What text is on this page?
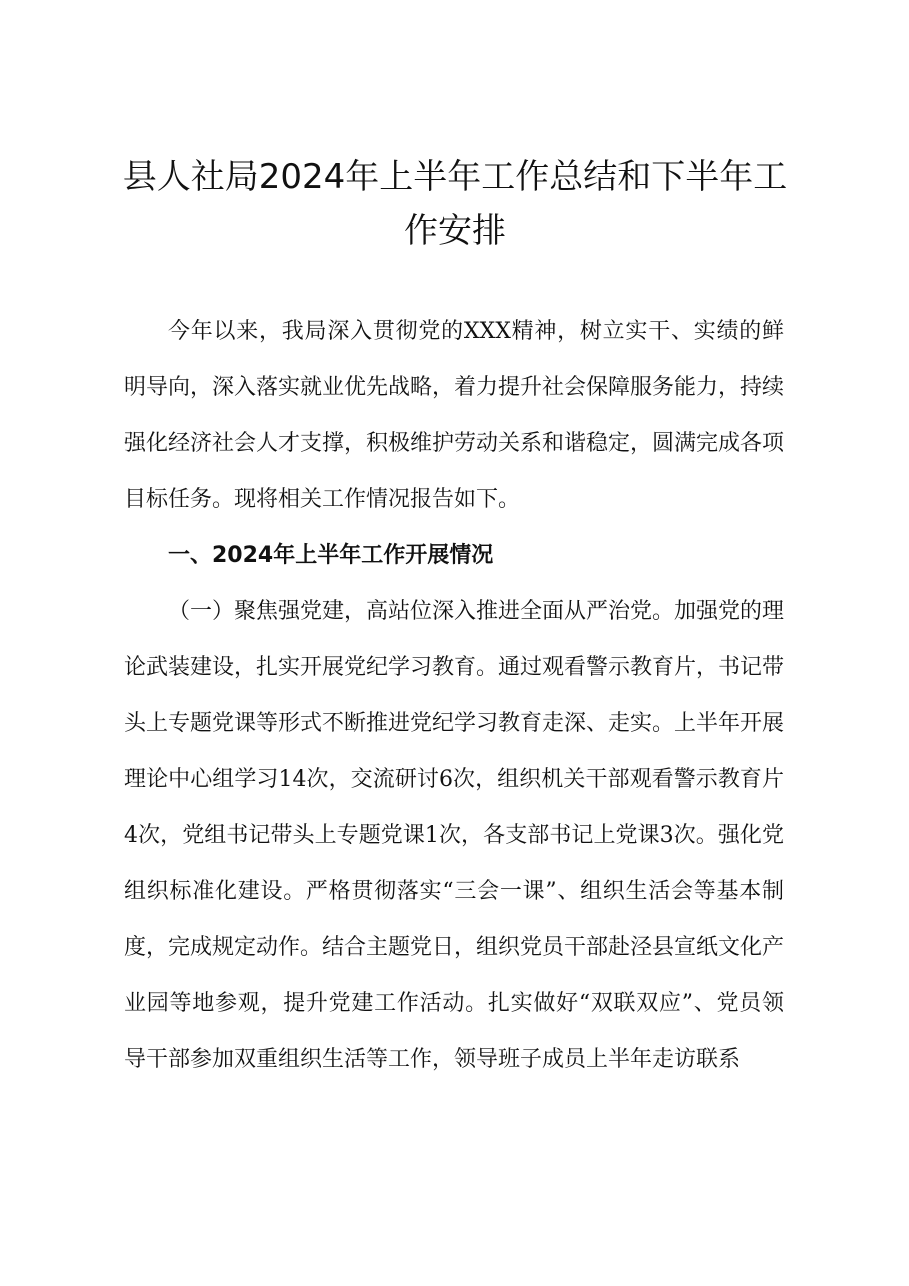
县人社局2024年上半年工作总结和下半年工作安排

今年以来，我局深入贯彻党的XXX精神，树立实干、实绩的鲜明导向，深入落实就业优先战略，着力提升社会保障服务能力，持续强化经济社会人才支撑，积极维护劳动关系和谐稳定，圆满完成各项目标任务。现将相关工作情况报告如下。

一、2024年上半年工作开展情况

（一）聚焦强党建，高站位深入推进全面从严治党。加强党的理论武装建设，扎实开展党纪学习教育。通过观看警示教育片，书记带头上专题党课等形式不断推进党纪学习教育走深、走实。上半年开展理论中心组学习14次，交流研讨6次，组织机关干部观看警示教育片4次，党组书记带头上专题党课1次，各支部书记上党课3次。强化党组织标准化建设。严格贯彻落实“三会一课”、组织生活会等基本制度，完成规定动作。结合主题党日，组织党员干部赴泾县宣纸文化产业园等地参观，提升党建工作活动。扎实做好“双联双应”、党员领导干部参加双重组织生活等工作，领导班子成员上半年走访联系
